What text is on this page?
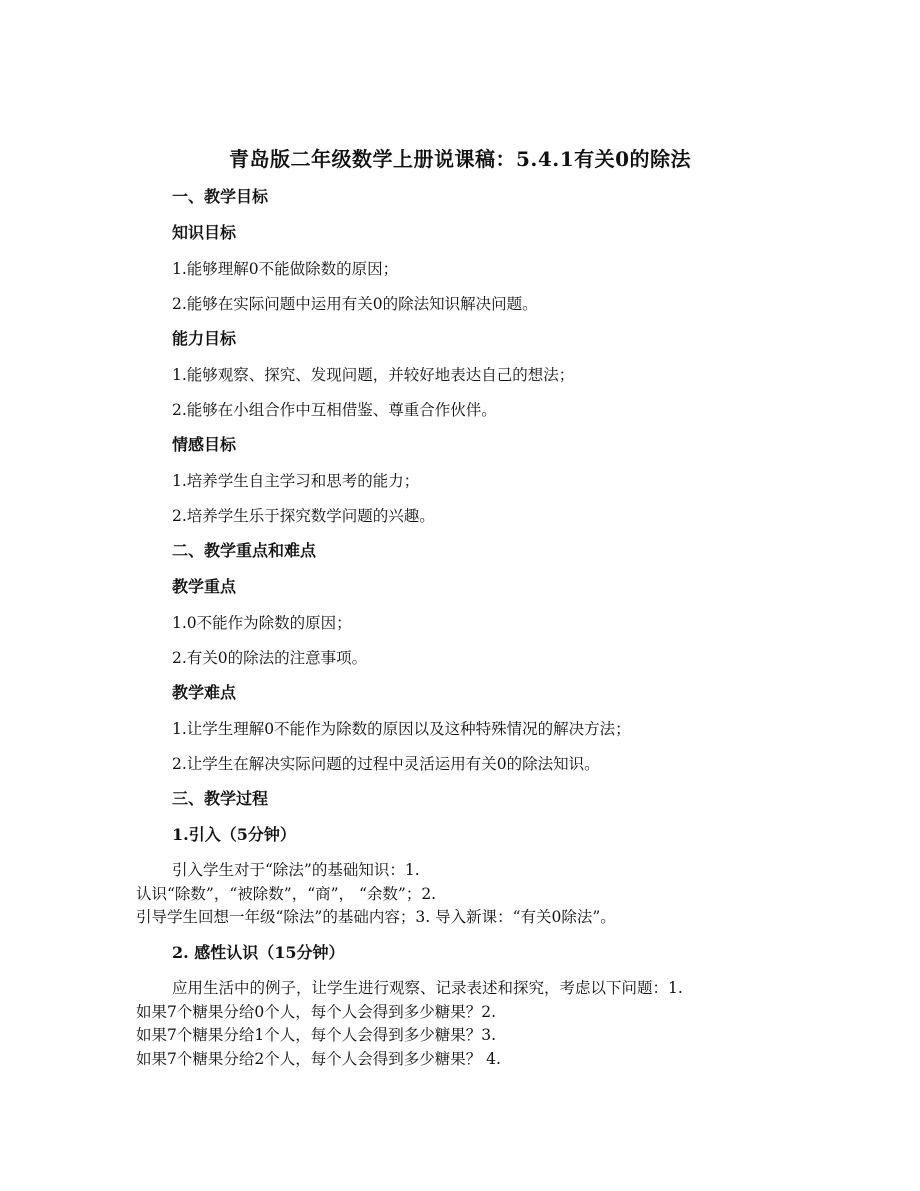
青岛版二年级数学上册说课稿：5.4.1有关0的除法
一、教学目标
知识目标
1.能够理解0不能做除数的原因；
2.能够在实际问题中运用有关0的除法知识解决问题。
能力目标
1.能够观察、探究、发现问题，并较好地表达自己的想法；
2.能够在小组合作中互相借鉴、尊重合作伙伴。
情感目标
1.培养学生自主学习和思考的能力；
2.培养学生乐于探究数学问题的兴趣。
二、教学重点和难点
教学重点
1.0不能作为除数的原因；
2.有关0的除法的注意事项。
教学难点
1.让学生理解0不能作为除数的原因以及这种特殊情况的解决方法；
2.让学生在解决实际问题的过程中灵活运用有关0的除法知识。
三、教学过程
1.引入（5分钟）
引入学生对于“除法”的基础知识：1.
认识“除数”，“被除数”，“商”， “余数”；2.
引导学生回想一年级“除法”的基础内容；3. 导入新课：“有关0除法”。
2. 感性认识（15分钟）
应用生活中的例子，让学生进行观察、记录表述和探究，考虑以下问题：1.
如果7个糖果分给0个人，每个人会得到多少糖果？2.
如果7个糖果分给1个人，每个人会得到多少糖果？3.
如果7个糖果分给2个人，每个人会得到多少糖果？ 4.
